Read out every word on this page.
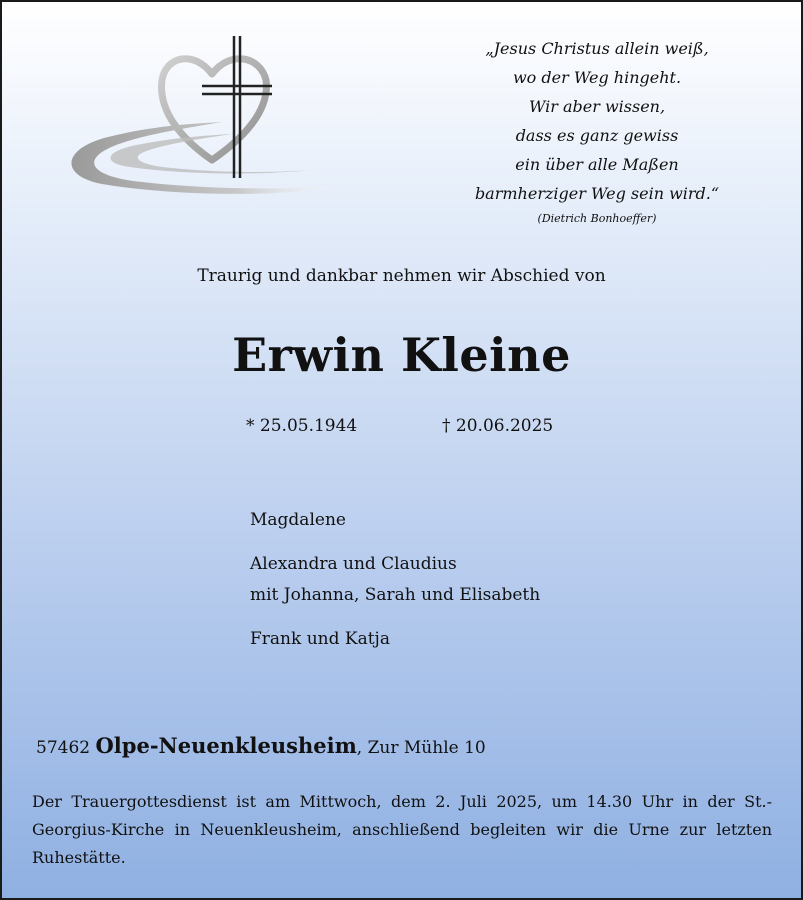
„Jesus Christus allein weiß,
wo der Weg hingeht.
Wir aber wissen,
dass es ganz gewiss
ein über alle Maßen
barmherziger Weg sein wird.“
(Dietrich Bonhoeffer)
Traurig und dankbar nehmen wir Abschied von
Erwin Kleine
* 25.05.1944	† 20.06.2025
Magdalene
Alexandra und Claudius
mit Johanna, Sarah und Elisabeth
Frank und Katja
57462 Olpe-Neuenkleusheim, Zur Mühle 10
Der Trauergottesdienst ist am Mittwoch, dem 2. Juli 2025, um 14.30 Uhr in der St.-Georgius-Kirche in Neuenkleusheim, anschließend begleiten wir die Urne zur letzten Ruhestätte.
